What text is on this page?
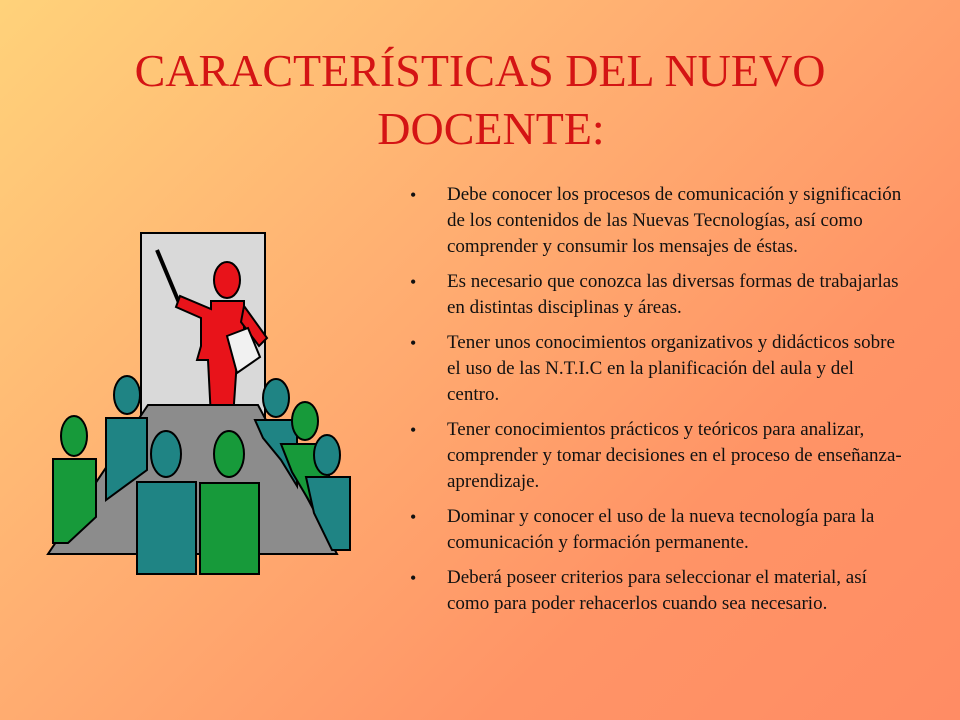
CARACTERÍSTICAS DEL NUEVO
DOCENTE:
•	Debe conocer los procesos de comunicación y significación de los contenidos de las Nuevas Tecnologías, así como comprender y consumir los mensajes de éstas.
•	Es necesario que conozca las diversas formas de trabajarlas en distintas disciplinas y áreas.
•	Tener unos conocimientos organizativos y didácticos sobre el uso de las N.T.I.C en la planificación del aula y del centro.
•	Tener conocimientos prácticos y teóricos para analizar, comprender y tomar decisiones en el proceso de enseñanza-aprendizaje.
•	Dominar y conocer el uso de la nueva tecnología para la comunicación y formación permanente.
•	Deberá poseer criterios para seleccionar el material, así como para poder rehacerlos cuando sea necesario.
